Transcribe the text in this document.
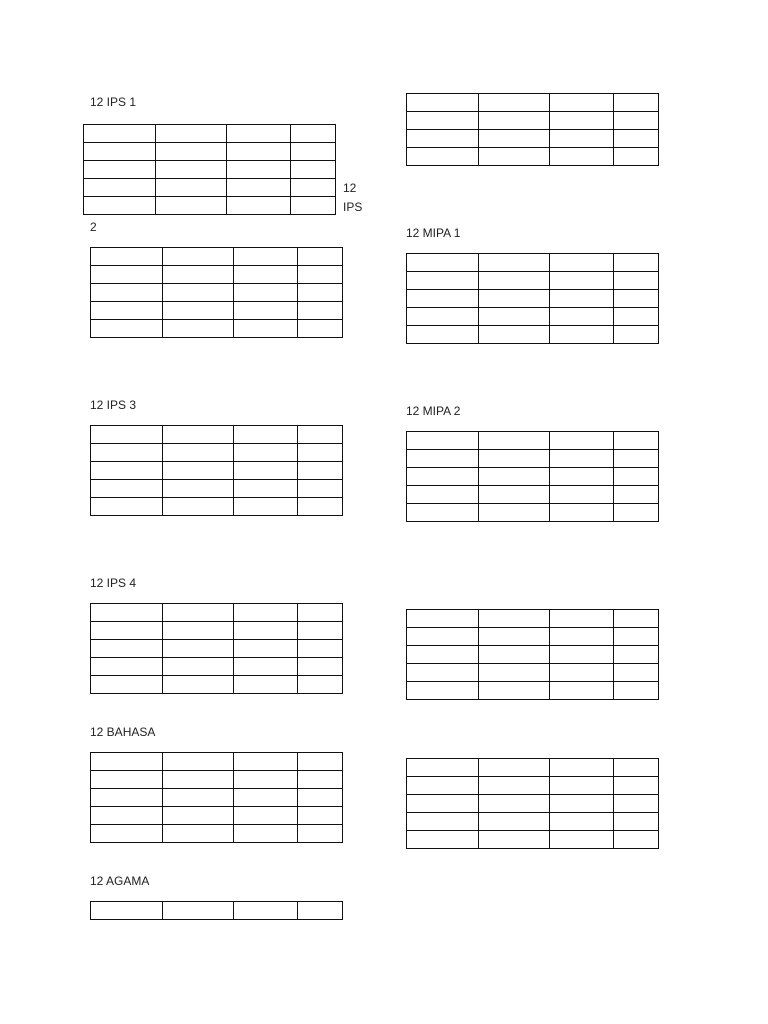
12 IPS 1

12
IPS
2

12 IPS 3

12 IPS 4

12 BAHASA

12 AGAMA

12 MIPA 1

12 MIPA 2
